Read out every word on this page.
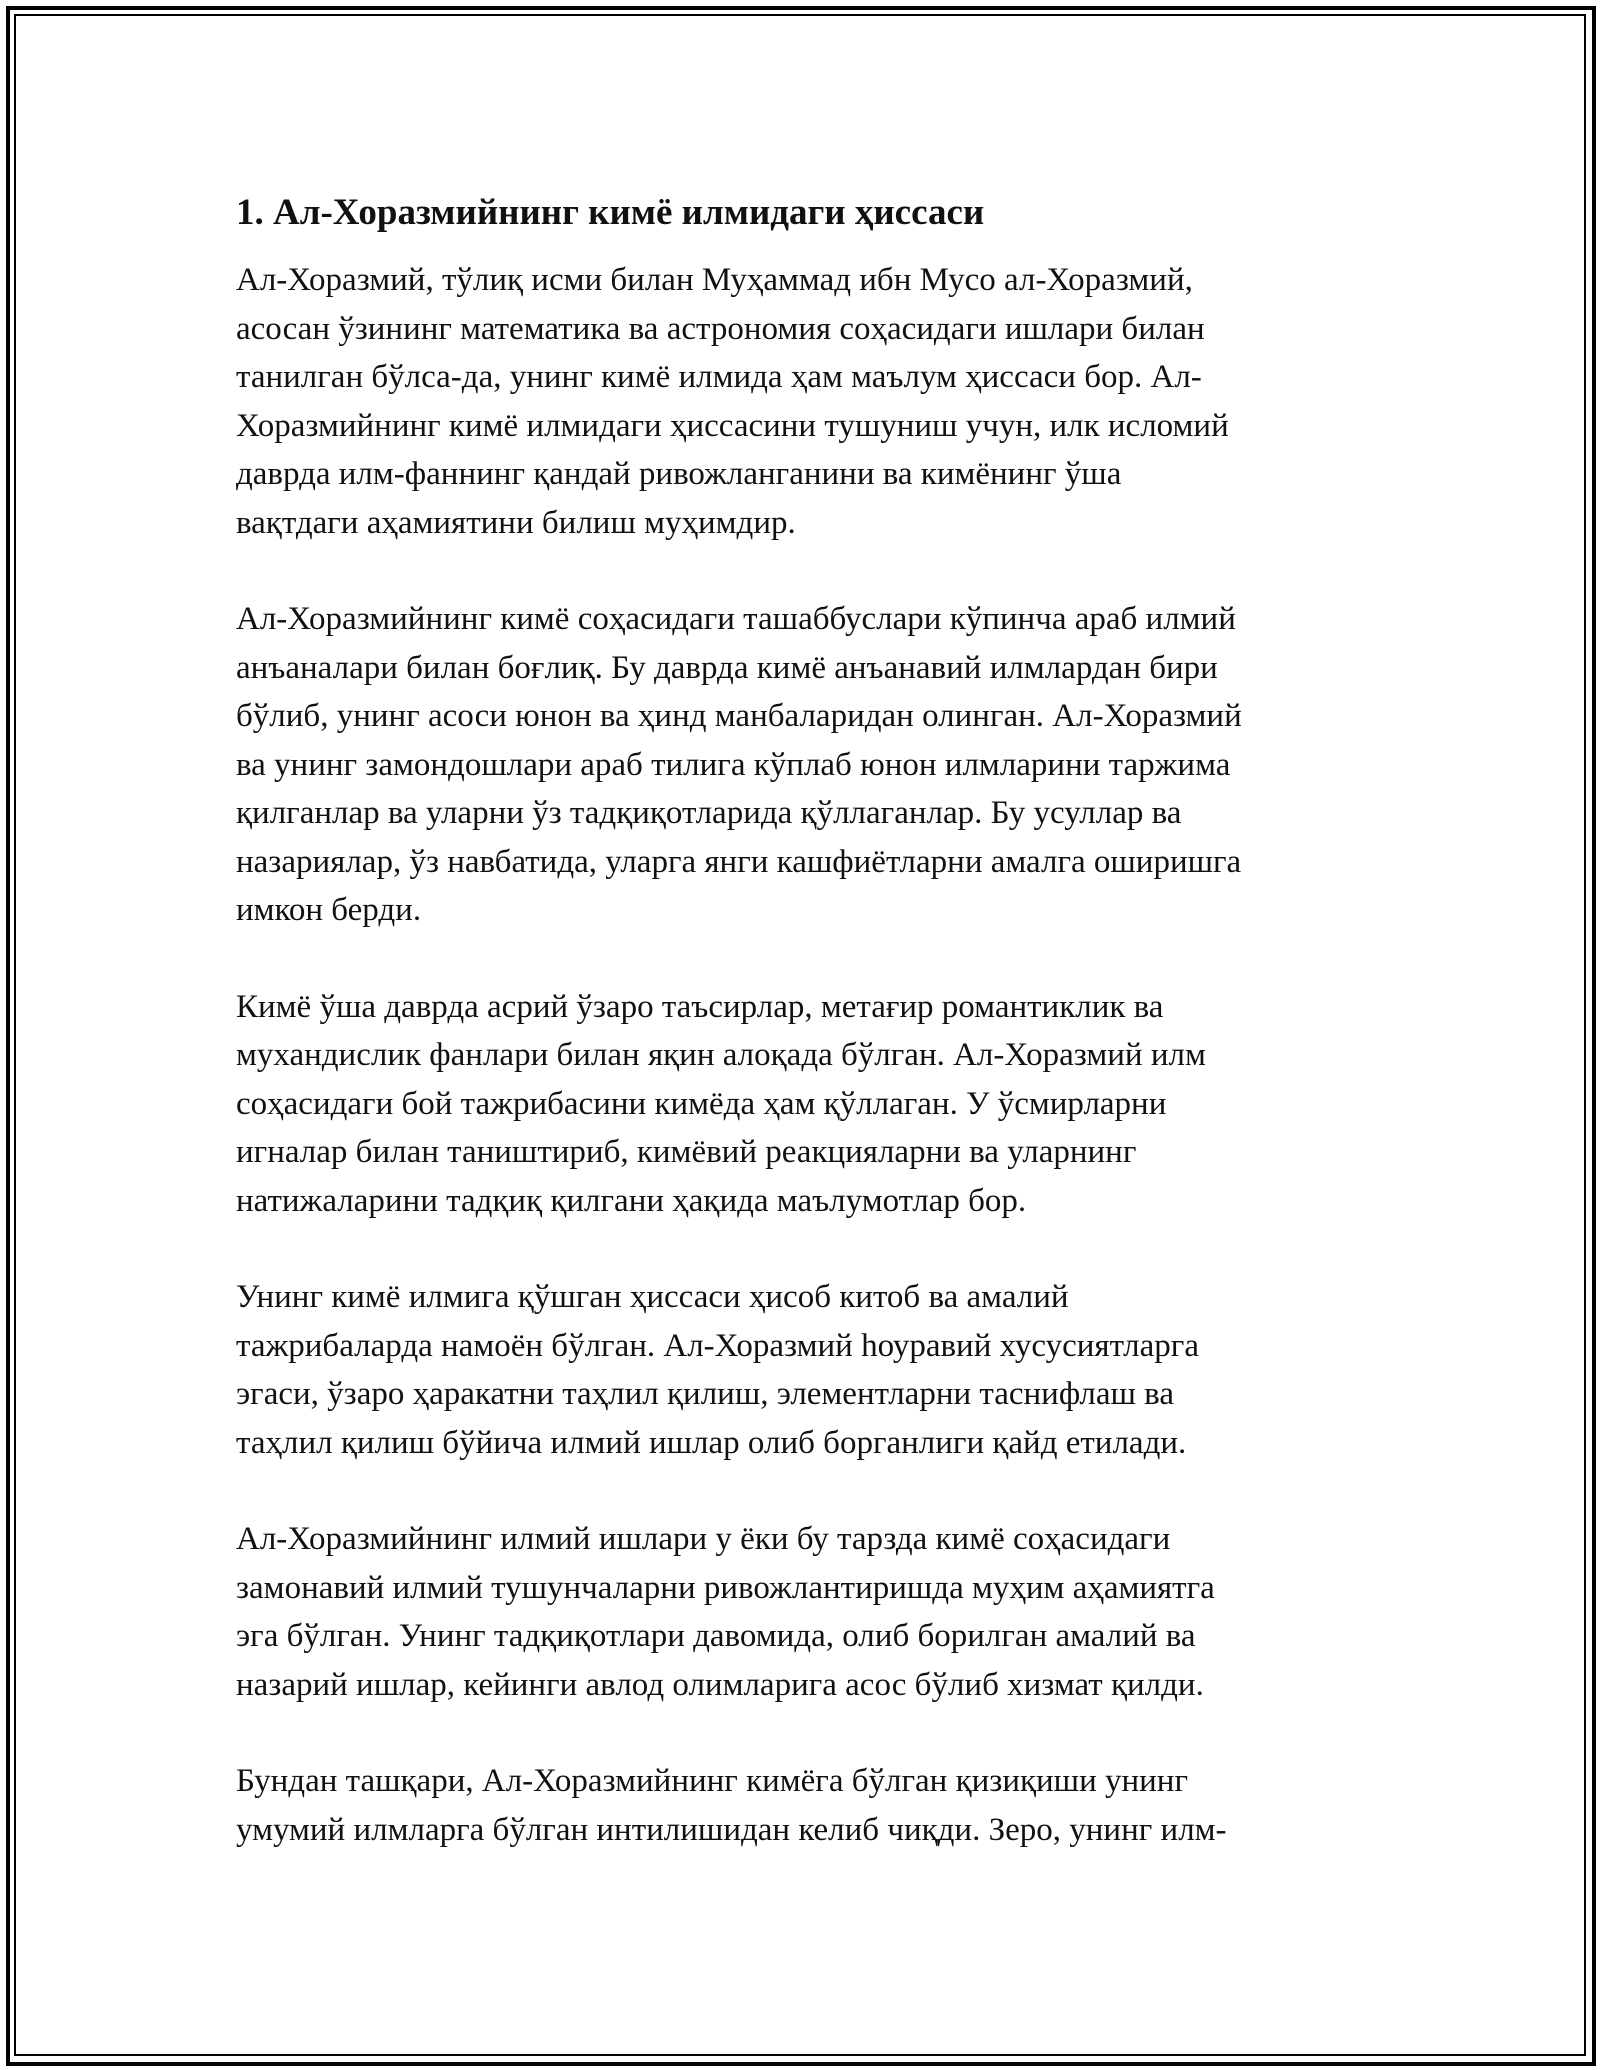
1. Ал-Хоразмийнинг кимё илмидаги ҳиссаси

Ал-Хоразмий, тўлиқ исми билан Муҳаммад ибн Мусо ал-Хоразмий,
асосан ўзининг математика ва астрономия соҳасидаги ишлари билан
танилган бўлса-да, унинг кимё илмида ҳам маълум ҳиссаси бор. Ал-
Хоразмийнинг кимё илмидаги ҳиссасини тушуниш учун, илк исломий
даврда илм-фаннинг қандай ривожланганини ва кимёнинг ўша
вақтдаги аҳамиятини билиш муҳимдир.

Ал-Хоразмийнинг кимё соҳасидаги ташаббуслари кўпинча араб илмий
анъаналари билан боғлиқ. Бу даврда кимё анъанавий илмлардан бири
бўлиб, унинг асоси юнон ва ҳинд манбаларидан олинган. Ал-Хоразмий
ва унинг замондошлари араб тилига кўплаб юнон илмларини таржима
қилганлар ва уларни ўз тадқиқотларида қўллаганлар. Бу усуллар ва
назариялар, ўз навбатида, уларга янги кашфиётларни амалга оширишга
имкон берди.

Кимё ўша даврда асрий ўзаро таъсирлар, метағир романтиклик ва
мухандислик фанлари билан яқин алоқада бўлган. Ал-Хоразмий илм
соҳасидаги бой тажрибасини кимёда ҳам қўллаган. У ўсмирларни
игналар билан таништириб, кимёвий реакцияларни ва уларнинг
натижаларини тадқиқ қилгани ҳақида маълумотлар бор.

Унинг кимё илмига қўшган ҳиссаси ҳисоб китоб ва амалий
тажрибаларда намоён бўлган. Ал-Хоразмий һоуравий хусусиятларга
эгаси, ўзаро ҳаракатни таҳлил қилиш, элементларни таснифлаш ва
таҳлил қилиш бўйича илмий ишлар олиб борганлиги қайд етилади.

Ал-Хоразмийнинг илмий ишлари у ёки бу тарзда кимё соҳасидаги
замонавий илмий тушунчаларни ривожлантиришда муҳим аҳамиятга
эга бўлган. Унинг тадқиқотлари давомида, олиб борилган амалий ва
назарий ишлар, кейинги авлод олимларига асос бўлиб хизмат қилди.

Бундан ташқари, Ал-Хоразмийнинг кимёга бўлган қизиқиши унинг
умумий илмларга бўлган интилишидан келиб чиқди. Зеро, унинг илм-
